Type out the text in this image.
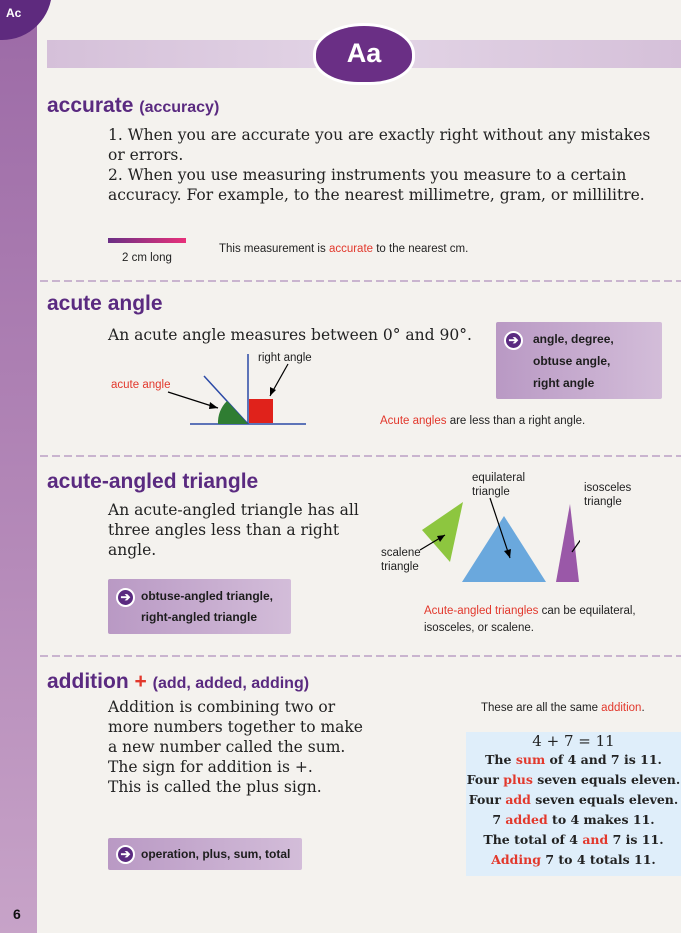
Ac
6
Aa
accurate (accuracy)

1. When you are accurate you are exactly right without any mistakes
or errors.
2. When you use measuring instruments you measure to a certain
accuracy. For example, to the nearest millimetre, gram, or millilitre.

2 cm long
This measurement is accurate to the nearest cm.
acute angle

An acute angle measures between 0° and 90°.

right angle
acute angle
➔	angle, degree,
obtuse angle,
right angle
Acute angles are less than a right angle.
acute-angled triangle

An acute-angled triangle has all
three angles less than a right
angle.

➔ obtuse-angled triangle,
right-angled triangle
equilateral
triangle	isosceles
triangle
scalene
triangle
Acute-angled triangles can be equilateral,
isosceles, or scalene.
addition + (add, added, adding)

Addition is combining two or
more numbers together to make
a new number called the sum.
The sign for addition is +.
This is called the plus sign.

➔ operation, plus, sum, total
These are all the same addition.
4 + 7 = 11
The sum of 4 and 7 is 11.
Four plus seven equals eleven.
Four add seven equals eleven.
7 added to 4 makes 11.
The total of 4 and 7 is 11.
Adding 7 to 4 totals 11.
